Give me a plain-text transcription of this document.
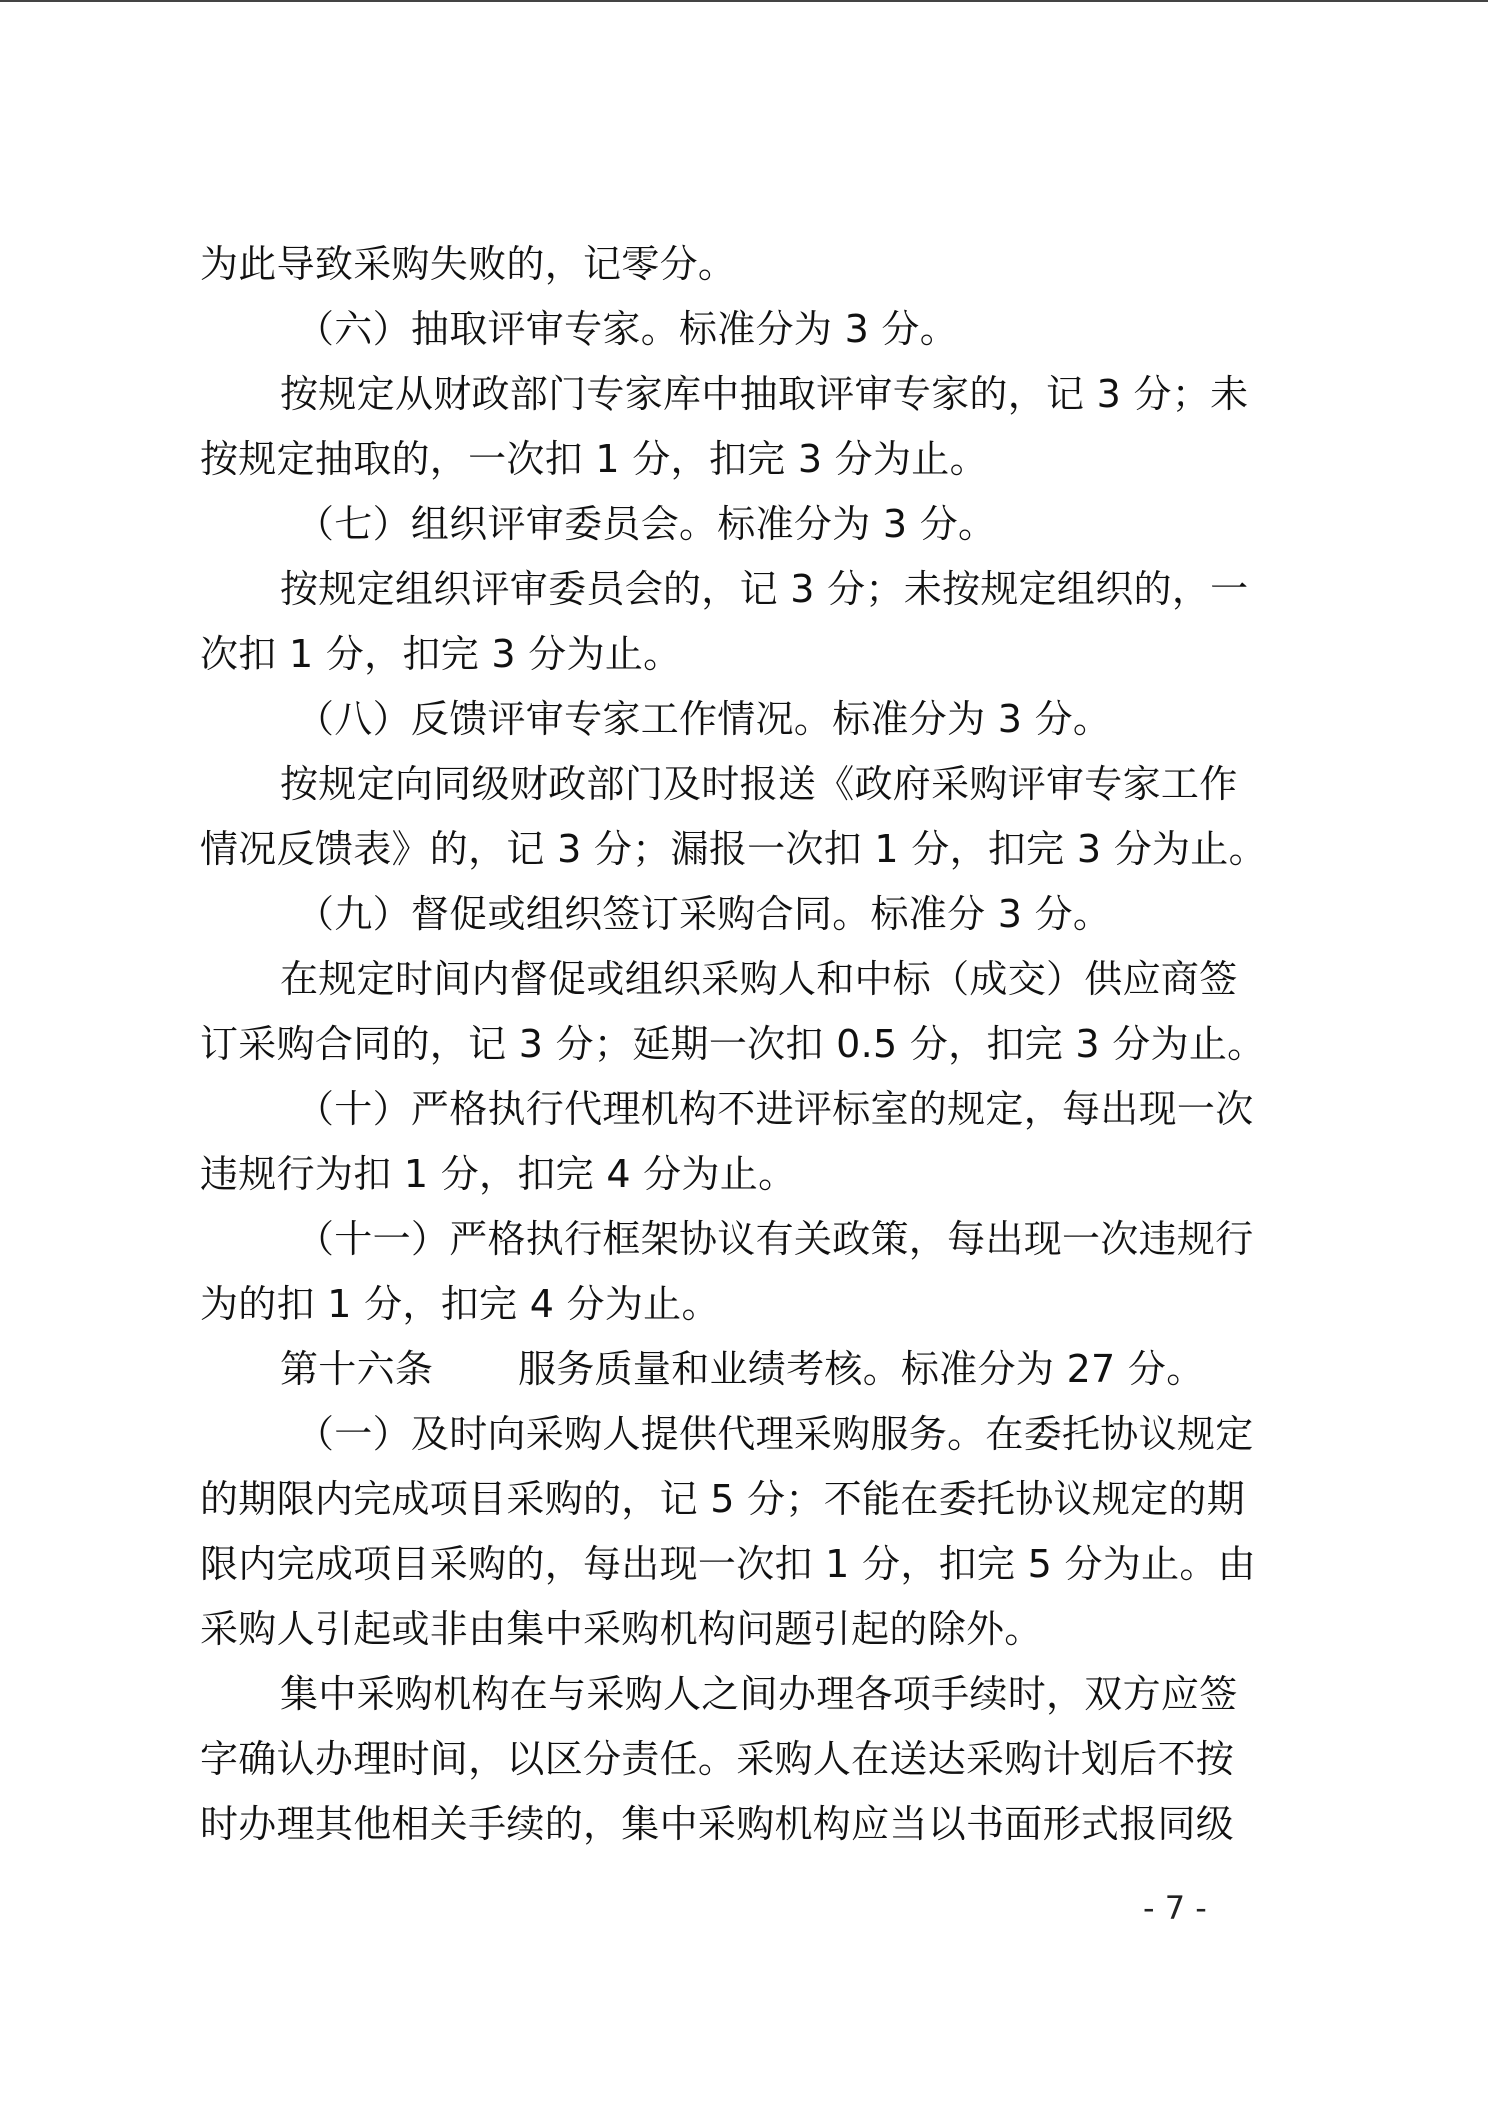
为此导致采购失败的，记零分。
（六）抽取评审专家。标准分为 3 分。
按规定从财政部门专家库中抽取评审专家的，记 3 分；未
按规定抽取的，一次扣 1 分，扣完 3 分为止。
（七）组织评审委员会。标准分为 3 分。
按规定组织评审委员会的，记 3 分；未按规定组织的，一
次扣 1 分，扣完 3 分为止。
（八）反馈评审专家工作情况。标准分为 3 分。
按规定向同级财政部门及时报送《政府采购评审专家工作
情况反馈表》的，记 3 分；漏报一次扣 1 分，扣完 3 分为止。
（九）督促或组织签订采购合同。标准分 3 分。
在规定时间内督促或组织采购人和中标（成交）供应商签
订采购合同的，记 3 分；延期一次扣 0.5 分，扣完 3 分为止。
（十）严格执行代理机构不进评标室的规定，每出现一次
违规行为扣 1 分，扣完 4 分为止。
（十一）严格执行框架协议有关政策，每出现一次违规行
为的扣 1 分，扣完 4 分为止。
第十六条 服务质量和业绩考核。标准分为 27 分。
（一）及时向采购人提供代理采购服务。在委托协议规定
的期限内完成项目采购的，记 5 分；不能在委托协议规定的期
限内完成项目采购的，每出现一次扣 1 分，扣完 5 分为止。由
采购人引起或非由集中采购机构问题引起的除外。
集中采购机构在与采购人之间办理各项手续时，双方应签
字确认办理时间，以区分责任。采购人在送达采购计划后不按
时办理其他相关手续的，集中采购机构应当以书面形式报同级
- 7 -
